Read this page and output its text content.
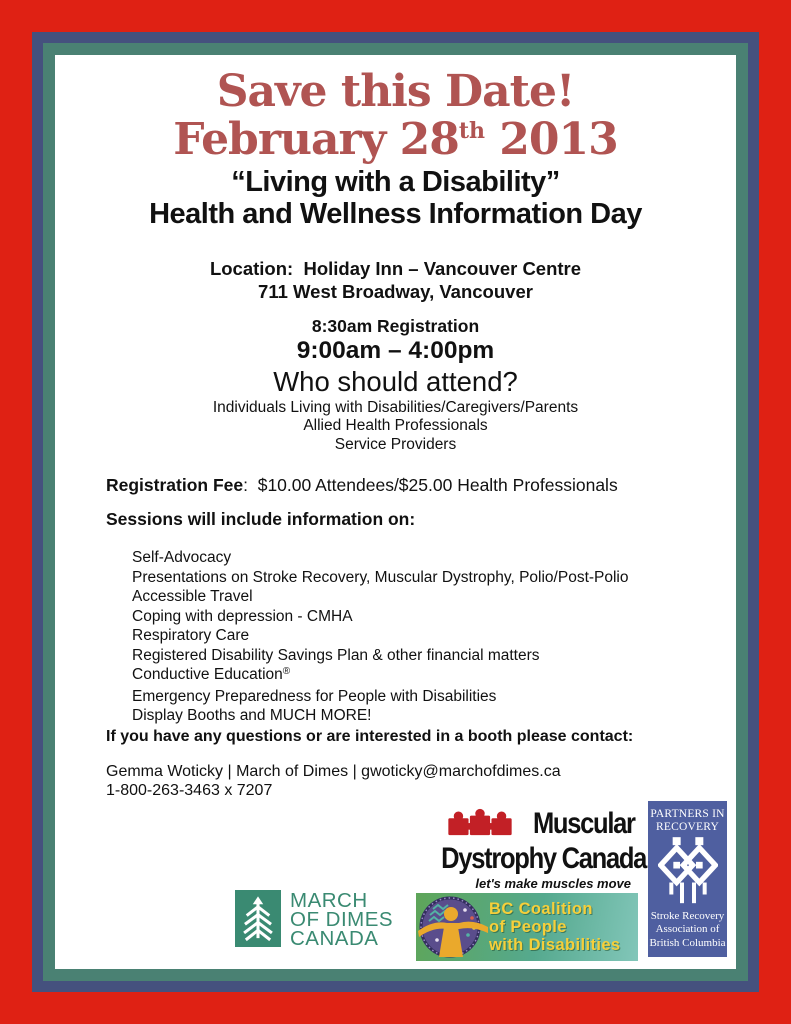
Save this Date!
February 28th 2013
“Living with a Disability”
Health and Wellness Information Day
Location:  Holiday Inn – Vancouver Centre
711 West Broadway, Vancouver
8:30am Registration
9:00am – 4:00pm
Who should attend?
Individuals Living with Disabilities/Caregivers/Parents
Allied Health Professionals
Service Providers
Registration Fee:  $10.00 Attendees/$25.00 Health Professionals
Sessions will include information on:
Self-Advocacy
Presentations on Stroke Recovery, Muscular Dystrophy, Polio/Post-Polio
Accessible Travel
Coping with depression - CMHA
Respiratory Care
Registered Disability Savings Plan & other financial matters
Conductive Education®
Emergency Preparedness for People with Disabilities
Display Booths and MUCH MORE!
If you have any questions or are interested in a booth please contact:
Gemma Woticky | March of Dimes | gwoticky@marchofdimes.ca
1-800-263-3463 x 7207
Muscular
Dystrophy Canada
let's make muscles move
PARTNERS IN
RECOVERY
Stroke Recovery
Association of
British Columbia
MARCH
OF DIMES
CANADA
BC Coalition
of People
with Disabilities
